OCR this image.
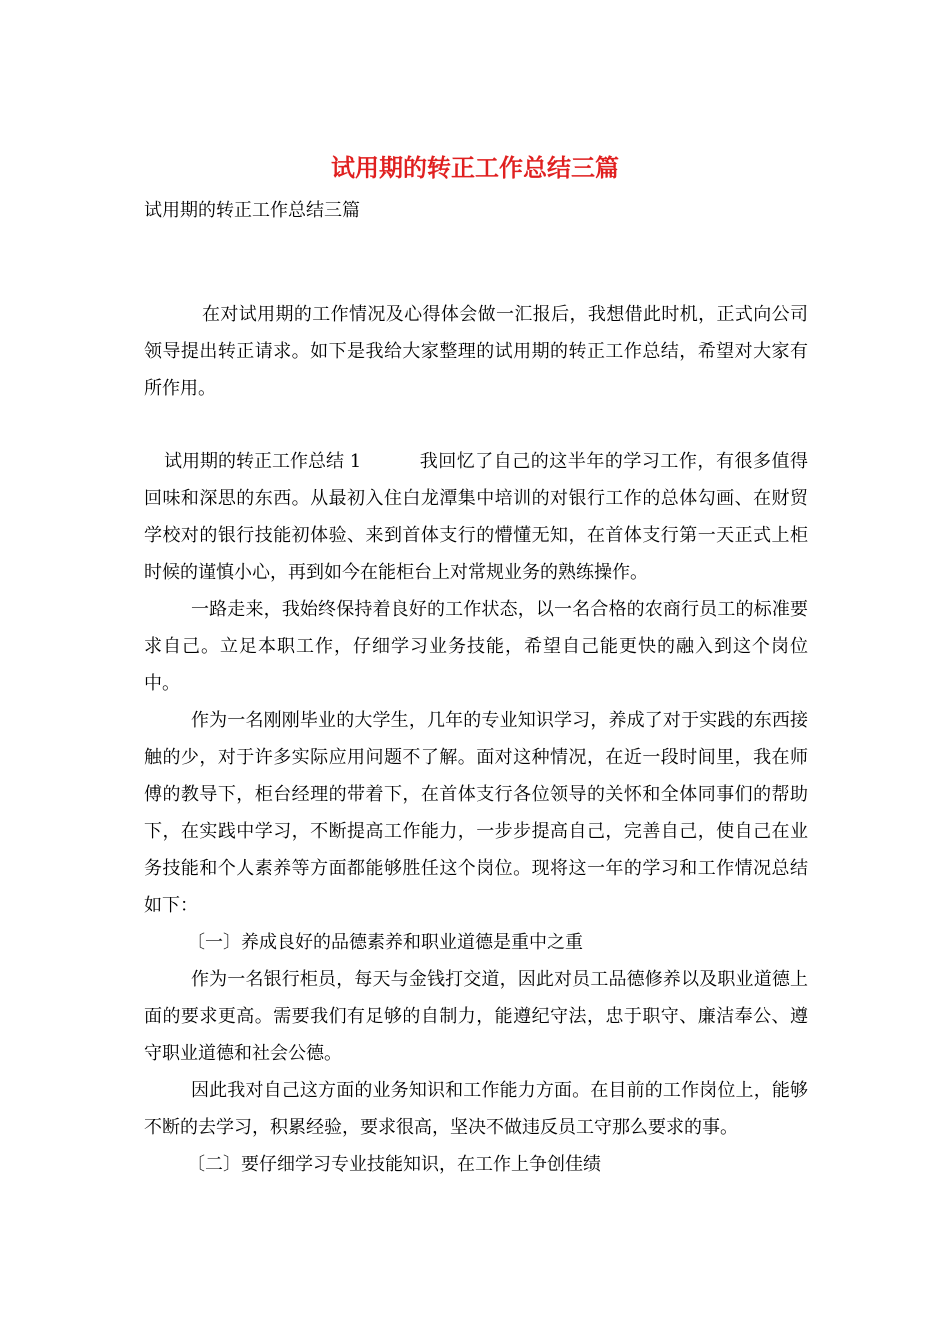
试用期的转正工作总结三篇

试用期的转正工作总结三篇

在对试用期的工作情况及心得体会做一汇报后，我想借此时机，正式向公司领导提出转正请求。如下是我给大家整理的试用期的转正工作总结，希望对大家有所作用。

试用期的转正工作总结 1	我回忆了自己的这半年的学习工作，有很多值得回味和深思的东西。从最初入住白龙潭集中培训的对银行工作的总体勾画、在财贸学校对的银行技能初体验、来到首体支行的懵懂无知，在首体支行第一天正式上柜时候的谨慎小心，再到如今在能柜台上对常规业务的熟练操作。

一路走来，我始终保持着良好的工作状态，以一名合格的农商行员工的标准要求自己。立足本职工作，仔细学习业务技能，希望自己能更快的融入到这个岗位中。

作为一名刚刚毕业的大学生，几年的专业知识学习，养成了对于实践的东西接触的少，对于许多实际应用问题不了解。面对这种情况，在近一段时间里，我在师傅的教导下，柜台经理的带着下，在首体支行各位领导的关怀和全体同事们的帮助下，在实践中学习，不断提高工作能力，一步步提高自己，完善自己，使自己在业务技能和个人素养等方面都能够胜任这个岗位。现将这一年的学习和工作情况总结如下：

〔一〕养成良好的品德素养和职业道德是重中之重

作为一名银行柜员，每天与金钱打交道，因此对员工品德修养以及职业道德上面的要求更高。需要我们有足够的自制力，能遵纪守法，忠于职守、廉洁奉公、遵守职业道德和社会公德。

因此我对自己这方面的业务知识和工作能力方面。在目前的工作岗位上，能够不断的去学习，积累经验，要求很高，坚决不做违反员工守那么要求的事。

〔二〕要仔细学习专业技能知识，在工作上争创佳绩
